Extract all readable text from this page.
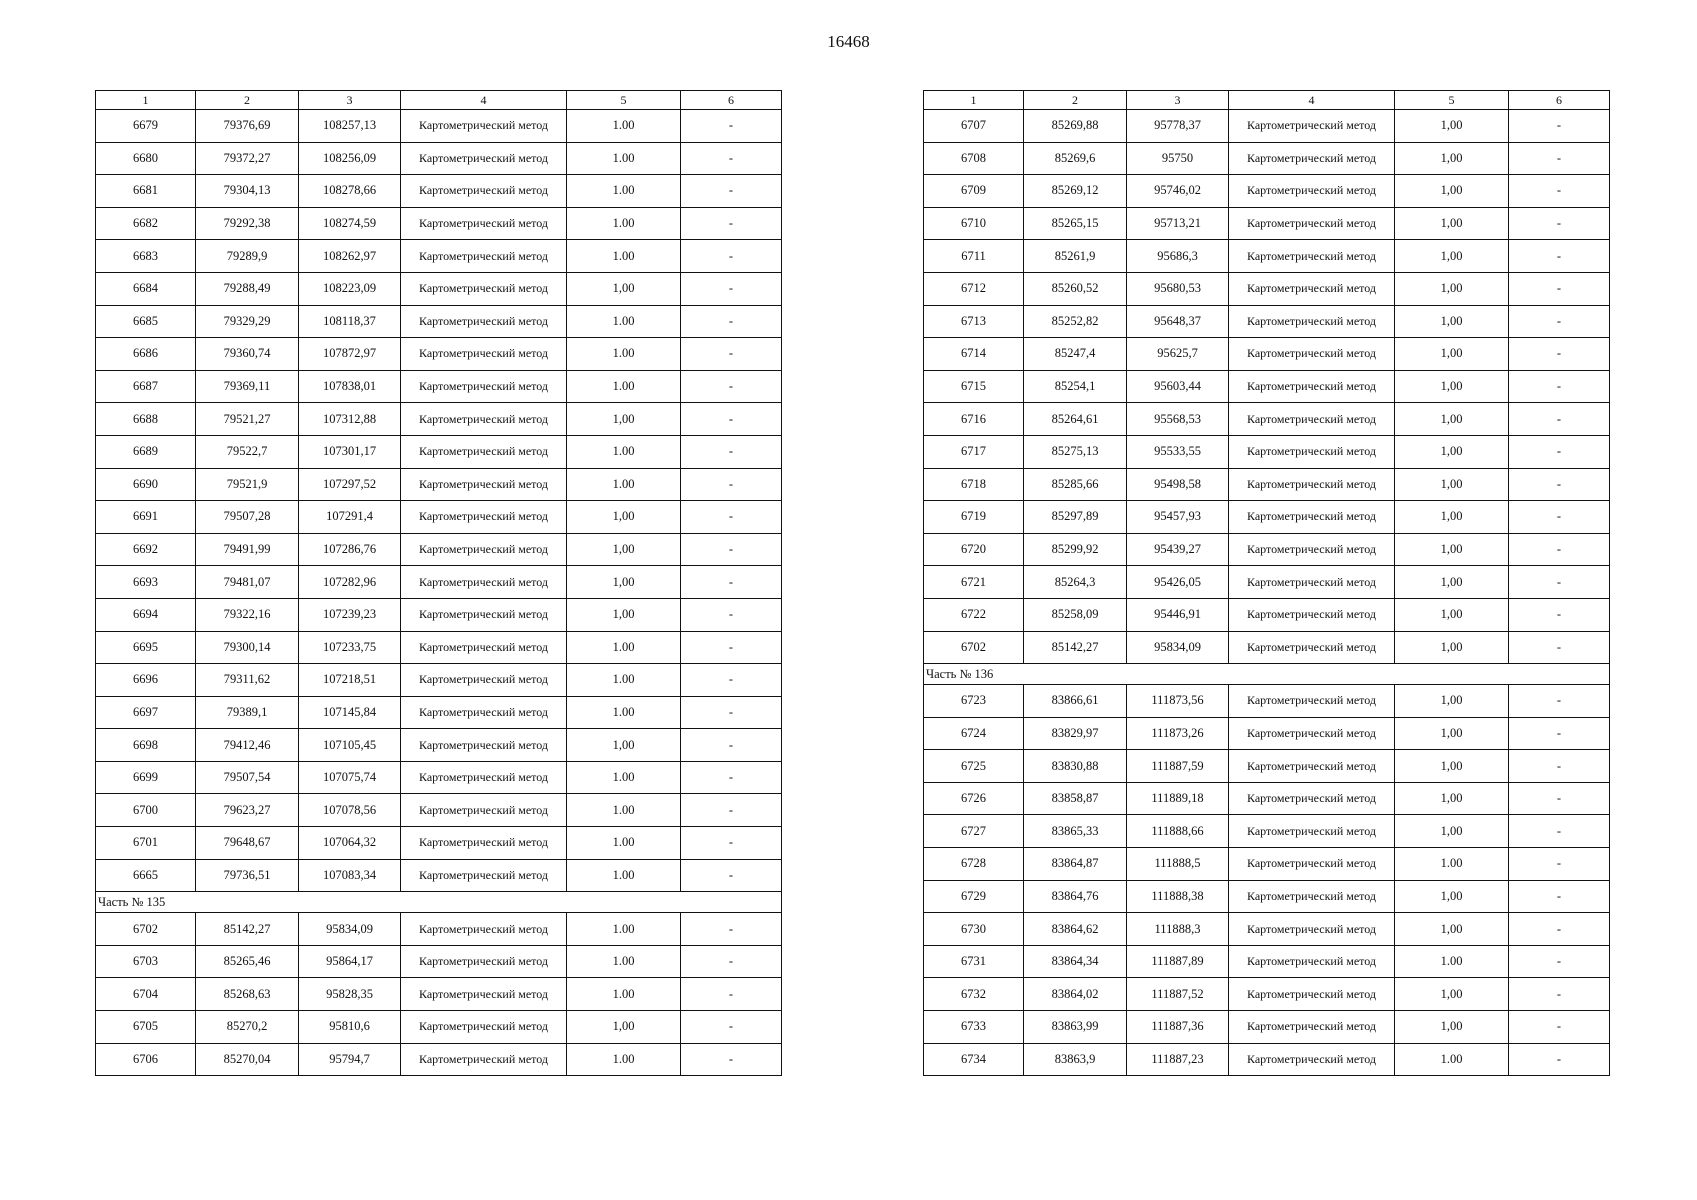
16468
1	2	3	4	5	6
6679	79376,69	108257,13	Картометрический метод	1.00	-
6680	79372,27	108256,09	Картометрический метод	1.00	-
6681	79304,13	108278,66	Картометрический метод	1.00	-
6682	79292,38	108274,59	Картометрический метод	1.00	-
6683	79289,9	108262,97	Картометрический метод	1.00	-
6684	79288,49	108223,09	Картометрический метод	1,00	-
6685	79329,29	108118,37	Картометрический метод	1.00	-
6686	79360,74	107872,97	Картометрический метод	1.00	-
6687	79369,11	107838,01	Картометрический метод	1.00	-
6688	79521,27	107312,88	Картометрический метод	1,00	-
6689	79522,7	107301,17	Картометрический метод	1.00	-
6690	79521,9	107297,52	Картометрический метод	1.00	-
6691	79507,28	107291,4	Картометрический метод	1,00	-
6692	79491,99	107286,76	Картометрический метод	1,00	-
6693	79481,07	107282,96	Картометрический метод	1,00	-
6694	79322,16	107239,23	Картометрический метод	1,00	-
6695	79300,14	107233,75	Картометрический метод	1.00	-
6696	79311,62	107218,51	Картометрический метод	1.00	-
6697	79389,1	107145,84	Картометрический метод	1.00	-
6698	79412,46	107105,45	Картометрический метод	1,00	-
6699	79507,54	107075,74	Картометрический метод	1.00	-
6700	79623,27	107078,56	Картометрический метод	1.00	-
6701	79648,67	107064,32	Картометрический метод	1.00	-
6665	79736,51	107083,34	Картометрический метод	1.00	-
Часть № 135					
6702	85142,27	95834,09	Картометрический метод	1.00	-
6703	85265,46	95864,17	Картометрический метод	1.00	-
6704	85268,63	95828,35	Картометрический метод	1.00	-
6705	85270,2	95810,6	Картометрический метод	1,00	-
6706	85270,04	95794,7	Картометрический метод	1.00	-
1	2	3	4	5	6
6707	85269,88	95778,37	Картометрический метод	1,00	-
6708	85269,6	95750	Картометрический метод	1,00	-
6709	85269,12	95746,02	Картометрический метод	1,00	-
6710	85265,15	95713,21	Картометрический метод	1,00	-
6711	85261,9	95686,3	Картометрический метод	1,00	-
6712	85260,52	95680,53	Картометрический метод	1,00	-
6713	85252,82	95648,37	Картометрический метод	1,00	-
6714	85247,4	95625,7	Картометрический метод	1,00	-
6715	85254,1	95603,44	Картометрический метод	1,00	-
6716	85264,61	95568,53	Картометрический метод	1,00	-
6717	85275,13	95533,55	Картометрический метод	1,00	-
6718	85285,66	95498,58	Картометрический метод	1,00	-
6719	85297,89	95457,93	Картометрический метод	1,00	-
6720	85299,92	95439,27	Картометрический метод	1,00	-
6721	85264,3	95426,05	Картометрический метод	1,00	-
6722	85258,09	95446,91	Картометрический метод	1,00	-
6702	85142,27	95834,09	Картометрический метод	1,00	-
Часть № 136					
6723	83866,61	111873,56	Картометрический метод	1,00	-
6724	83829,97	111873,26	Картометрический метод	1,00	-
6725	83830,88	111887,59	Картометрический метод	1,00	-
6726	83858,87	111889,18	Картометрический метод	1,00	-
6727	83865,33	111888,66	Картометрический метод	1,00	-
6728	83864,87	111888,5	Картометрический метод	1.00	-
6729	83864,76	111888,38	Картометрический метод	1,00	-
6730	83864,62	111888,3	Картометрический метод	1,00	-
6731	83864,34	111887,89	Картометрический метод	1.00	-
6732	83864,02	111887,52	Картометрический метод	1,00	-
6733	83863,99	111887,36	Картометрический метод	1,00	-
6734	83863,9	111887,23	Картометрический метод	1.00	-
